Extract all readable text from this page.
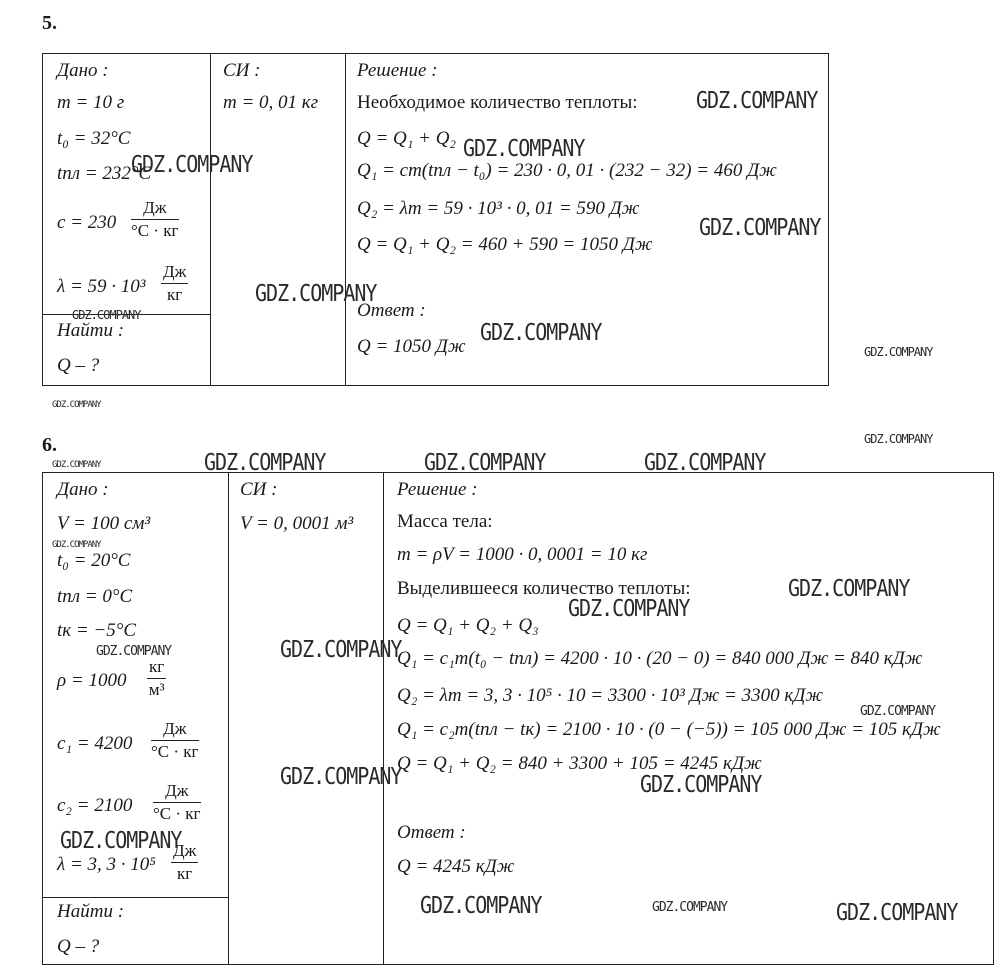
5.
Дано :
m = 10 г
t₀ = 32°C
tпл = 232°C
c = 230
Дж
°C · кг
λ = 59 · 10³
Дж
кг
Найти :
Q – ?
СИ :
m = 0, 01 кг
Решение :
Необходимое количество теплоты:
Q = Q₁ + Q₂
Q₁ = cm(tпл − t₀) = 230 · 0, 01 · (232 − 32) = 460 Дж
Q₂ = λm = 59 · 10³ · 0, 01 = 590 Дж
Q = Q₁ + Q₂ = 460 + 590 = 1050 Дж
Ответ :
Q = 1050 Дж
6.
Дано :
V = 100 см³
t₀ = 20°C
tпл = 0°C
tк = −5°C
ρ = 1000
кг
м³
c₁ = 4200
Дж
°C · кг
c₂ = 2100
Дж
°C · кг
λ = 3, 3 · 10⁵
Дж
кг
Найти :
Q – ?
СИ :
V = 0, 0001 м³
Решение :
Масса тела:
m = ρV = 1000 · 0, 0001 = 10 кг
Выделившееся количество теплоты:
Q = Q₁ + Q₂ + Q₃
Q₁ = c₁m(t₀ − tпл) = 4200 · 10 · (20 − 0) = 840 000 Дж = 840 кДж
Q₂ = λm = 3, 3 · 10⁵ · 10 = 3300 · 10³ Дж = 3300 кДж
Q₁ = c₂m(tпл − tк) = 2100 · 10 · (0 − (−5)) = 105 000 Дж = 105 кДж
Q = Q₁ + Q₂ = 840 + 3300 + 105 = 4245 кДж
Ответ :
Q = 4245 кДж
GDZ.COMPANY
GDZ.COMPANY
GDZ.COMPANY
GDZ.COMPANY
GDZ.COMPANY
GDZ.COMPANY
GDZ.COMPANY
GDZ.COMPANY
GDZ.COMPANY
GDZ.COMPANY
GDZ.COMPANY	GDZ.COMPANY	GDZ.COMPANY	GDZ.COMPANY
GDZ.COMPANY
GDZ.COMPANY
GDZ.COMPANY
GDZ.COMPANY
GDZ.COMPANY
GDZ.COMPANY
GDZ.COMPANY	GDZ.COMPANY
GDZ.COMPANY
GDZ.COMPANY	GDZ.COMPANY	GDZ.COMPANY
